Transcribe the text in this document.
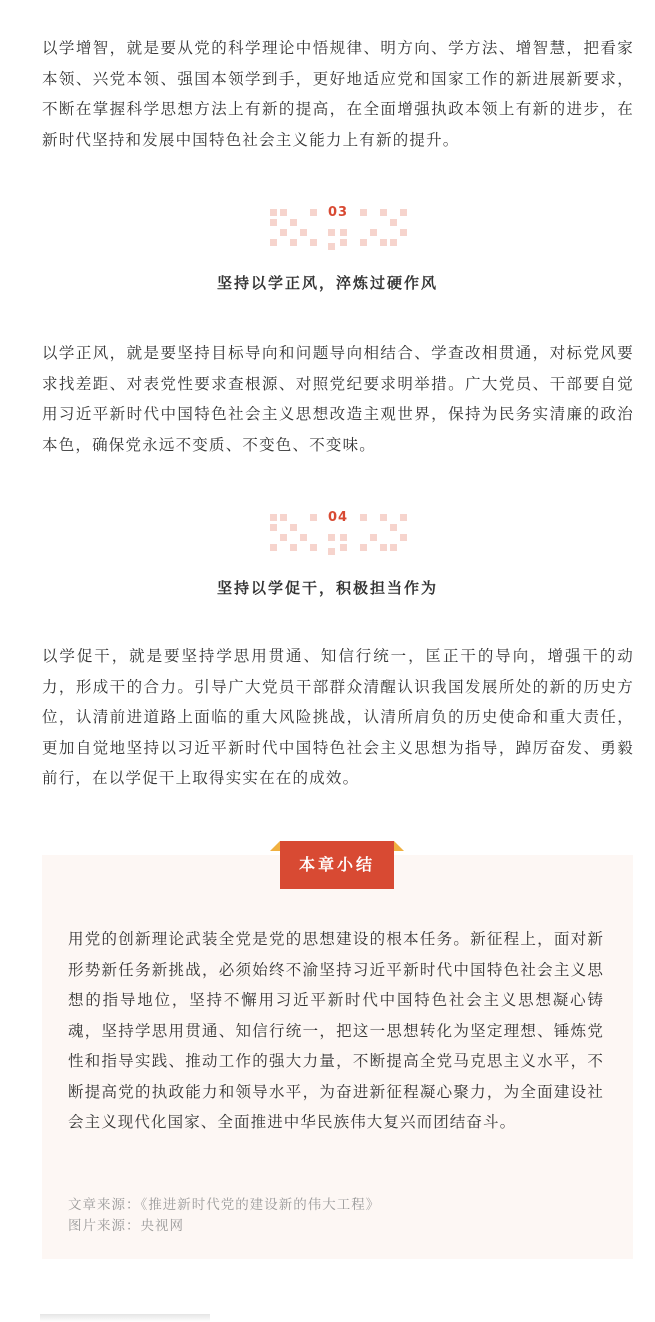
以学增智，就是要从党的科学理论中悟规律、明方向、学方法、增智慧，把看家本领、兴党本领、强国本领学到手，更好地适应党和国家工作的新进展新要求，不断在掌握科学思想方法上有新的提高，在全面增强执政本领上有新的进步，在新时代坚持和发展中国特色社会主义能力上有新的提升。

03
坚持以学正风，淬炼过硬作风

以学正风，就是要坚持目标导向和问题导向相结合、学查改相贯通，对标党风要求找差距、对表党性要求查根源、对照党纪要求明举措。广大党员、干部要自觉用习近平新时代中国特色社会主义思想改造主观世界，保持为民务实清廉的政治本色，确保党永远不变质、不变色、不变味。

04
坚持以学促干，积极担当作为

以学促干，就是要坚持学思用贯通、知信行统一，匡正干的导向，增强干的动力，形成干的合力。引导广大党员干部群众清醒认识我国发展所处的新的历史方位，认清前进道路上面临的重大风险挑战，认清所肩负的历史使命和重大责任，更加自觉地坚持以习近平新时代中国特色社会主义思想为指导，踔厉奋发、勇毅前行，在以学促干上取得实实在在的成效。

本章小结

用党的创新理论武装全党是党的思想建设的根本任务。新征程上，面对新形势新任务新挑战，必须始终不渝坚持习近平新时代中国特色社会主义思想的指导地位，坚持不懈用习近平新时代中国特色社会主义思想凝心铸魂，坚持学思用贯通、知信行统一，把这一思想转化为坚定理想、锤炼党性和指导实践、推动工作的强大力量，不断提高全党马克思主义水平，不断提高党的执政能力和领导水平，为奋进新征程凝心聚力，为全面建设社会主义现代化国家、全面推进中华民族伟大复兴而团结奋斗。

文章来源：《推进新时代党的建设新的伟大工程》
图片来源：央视网
